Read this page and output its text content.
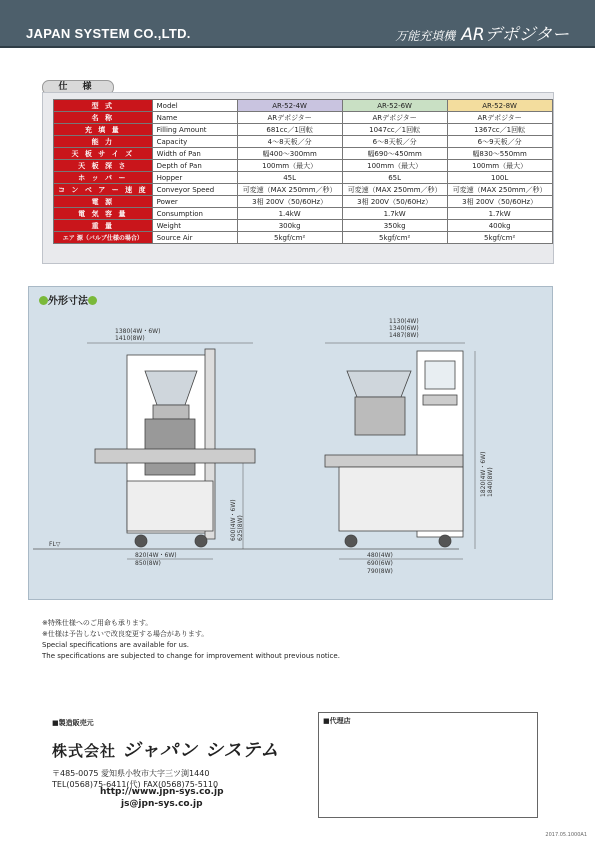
JAPAN SYSTEM CO.,LTD.	万能充填機 ARデポジター
仕 様
型 式	Model	AR-52-4W	AR-52-6W	AR-52-8W
名 称	Name	ARデポジター	ARデポジター	ARデポジター
充 填 量	Filling Amount	681cc／1回転	1047cc／1回転	1367cc／1回転
能 力	Capacity	4〜8天板／分	6〜8天板／分	6〜9天板／分
天 板 サ イ ズ	Width of Pan	幅400〜300mm	幅690〜450mm	幅830〜550mm
天 板 深 さ	Depth of Pan	100mm（最大）	100mm（最大）	100mm（最大）
ホ ッ パ ー	Hopper	45L	65L	100L
コ ン ベ ア ー 速 度	Conveyor Speed	可変速（MAX 250mm／秒）	可変速（MAX 250mm／秒）	可変速（MAX 250mm／秒）
電 源	Power	3相 200V（50/60Hz）	3相 200V（50/60Hz）	3相 200V（50/60Hz）
電 気 容 量	Consumption	1.4kW	1.7kW	1.7kW
重 量	Weight	300kg	350kg	400kg
エア 源（バルブ仕様の場合）	Source Air	5kgf/cm²	5kgf/cm²	5kgf/cm²
外形寸法
FL▽
1380(4W・6W)
1410(8W)
600(4W・6W) 625(8W)
820(4W・6W)
850(8W)
1130(4W)
1340(6W)
1487(8W)
1820(4W・6W) 1840(8W)
480(4W)
690(6W)
790(8W)
※特殊仕様へのご用命も承ります。
※仕様は予告しないで改良変更する場合があります。
Special specifications are available for us.
The specifications are subjected to change for improvement without previous notice.
■製造販売元
株式会社 ジャパン システム
〒485-0075 愛知県小牧市大字三ツ渕1440
TEL(0568)75-6411(代) FAX(0568)75-5110
http://www.jpn-sys.co.jp
js@jpn-sys.co.jp
■代理店
2017.05.1000A1
